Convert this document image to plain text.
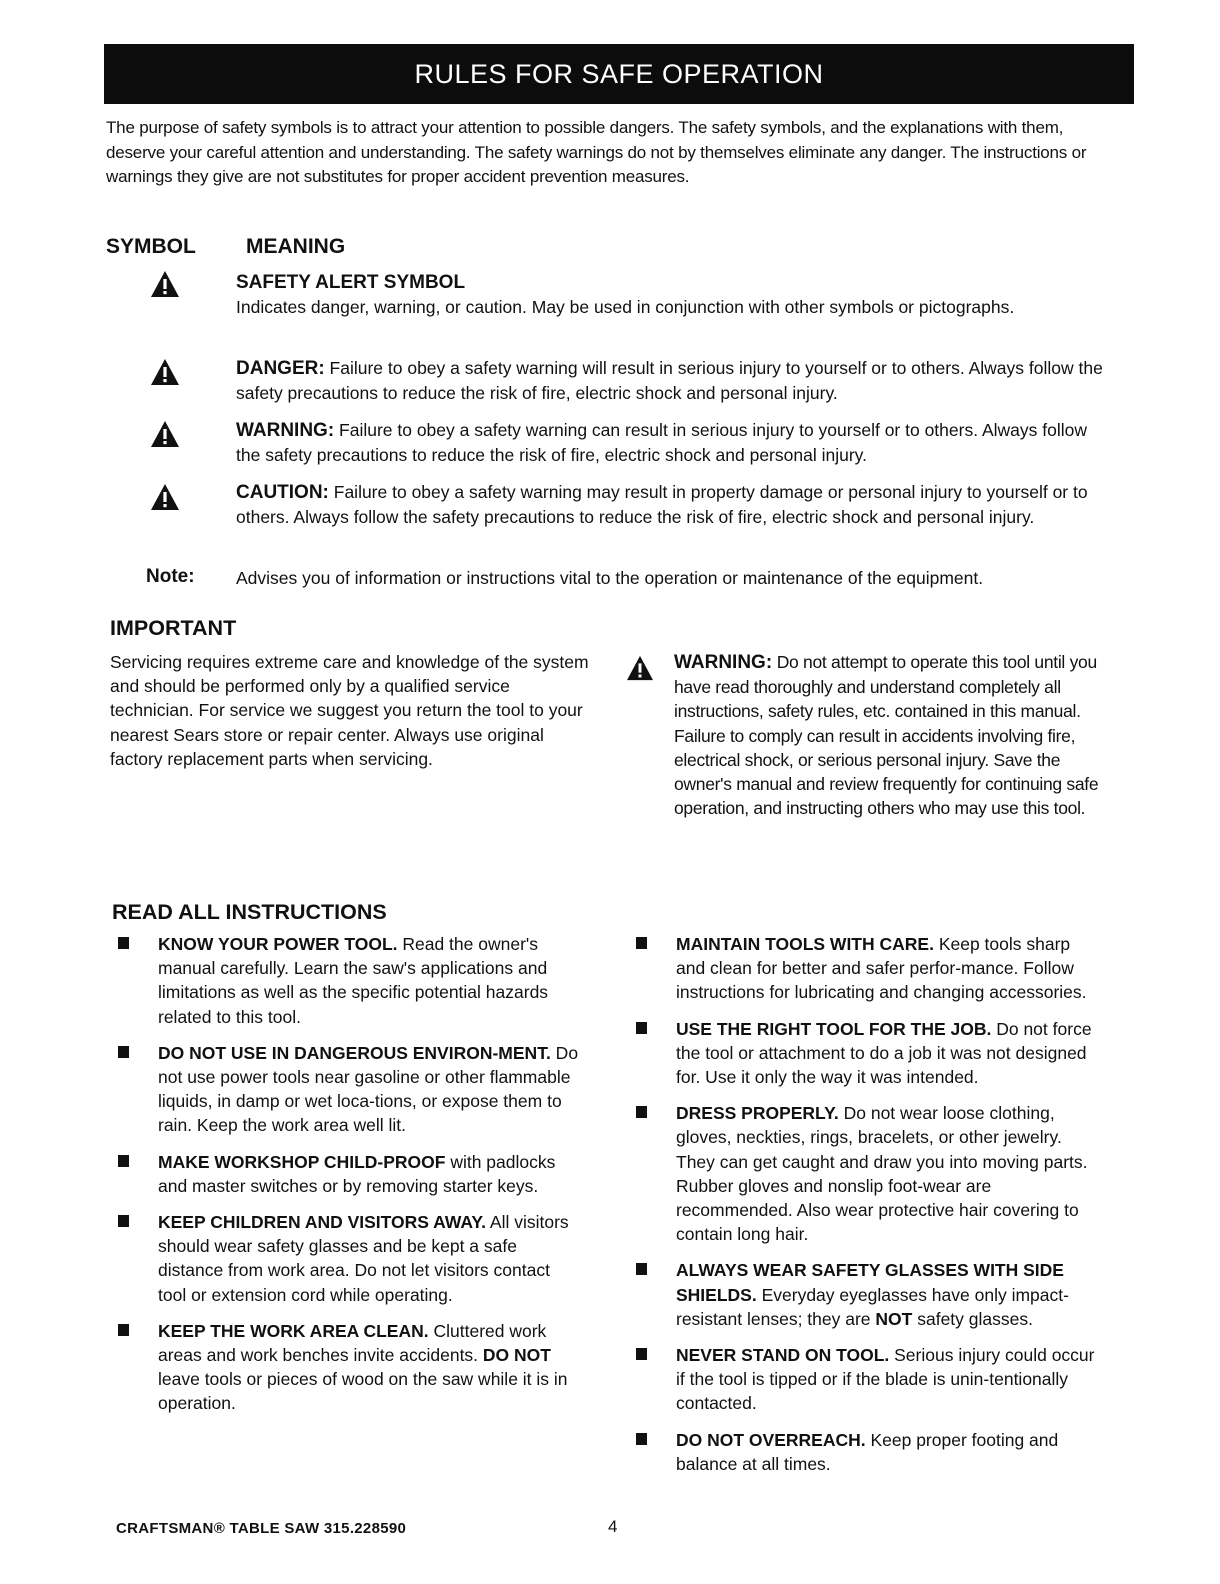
RULES FOR SAFE OPERATION
The purpose of safety symbols is to attract your attention to possible dangers. The safety symbols, and the explanations with them, deserve your careful attention and understanding. The safety warnings do not by themselves eliminate any danger. The instructions or warnings they give are not substitutes for proper accident prevention measures.
SYMBOL MEANING
SAFETY ALERT SYMBOL
Indicates danger, warning, or caution. May be used in conjunction with other symbols or pictographs.
DANGER: Failure to obey a safety warning will result in serious injury to yourself or to others. Always follow the safety precautions to reduce the risk of fire, electric shock and personal injury.
WARNING: Failure to obey a safety warning can result in serious injury to yourself or to others. Always follow the safety precautions to reduce the risk of fire, electric shock and personal injury.
CAUTION: Failure to obey a safety warning may result in property damage or personal injury to yourself or to others. Always follow the safety precautions to reduce the risk of fire, electric shock and personal injury.
Note: Advises you of information or instructions vital to the operation or maintenance of the equipment.
IMPORTANT
Servicing requires extreme care and knowledge of the system and should be performed only by a qualified service technician. For service we suggest you return the tool to your nearest Sears store or repair center. Always use original factory replacement parts when servicing.
WARNING: Do not attempt to operate this tool until you have read thoroughly and understand completely all instructions, safety rules, etc. contained in this manual. Failure to comply can result in accidents involving fire, electrical shock, or serious personal injury. Save the owner's manual and review frequently for continuing safe operation, and instructing others who may use this tool.
READ ALL INSTRUCTIONS
KNOW YOUR POWER TOOL. Read the owner's manual carefully. Learn the saw's applications and limitations as well as the specific potential hazards related to this tool.
DO NOT USE IN DANGEROUS ENVIRON-MENT. Do not use power tools near gasoline or other flammable liquids, in damp or wet loca-tions, or expose them to rain. Keep the work area well lit.
MAKE WORKSHOP CHILD-PROOF with padlocks and master switches or by removing starter keys.
KEEP CHILDREN AND VISITORS AWAY. All visitors should wear safety glasses and be kept a safe distance from work area. Do not let visitors contact tool or extension cord while operating.
KEEP THE WORK AREA CLEAN. Cluttered work areas and work benches invite accidents. DO NOT leave tools or pieces of wood on the saw while it is in operation.
MAINTAIN TOOLS WITH CARE. Keep tools sharp and clean for better and safer perfor-mance. Follow instructions for lubricating and changing accessories.
USE THE RIGHT TOOL FOR THE JOB. Do not force the tool or attachment to do a job it was not designed for. Use it only the way it was intended.
DRESS PROPERLY. Do not wear loose clothing, gloves, neckties, rings, bracelets, or other jewelry. They can get caught and draw you into moving parts. Rubber gloves and nonslip foot-wear are recommended. Also wear protective hair covering to contain long hair.
ALWAYS WEAR SAFETY GLASSES WITH SIDE SHIELDS. Everyday eyeglasses have only impact-resistant lenses; they are NOT safety glasses.
NEVER STAND ON TOOL. Serious injury could occur if the tool is tipped or if the blade is unin-tentionally contacted.
DO NOT OVERREACH. Keep proper footing and balance at all times.
CRAFTSMAN® TABLE SAW 315.228590	4
